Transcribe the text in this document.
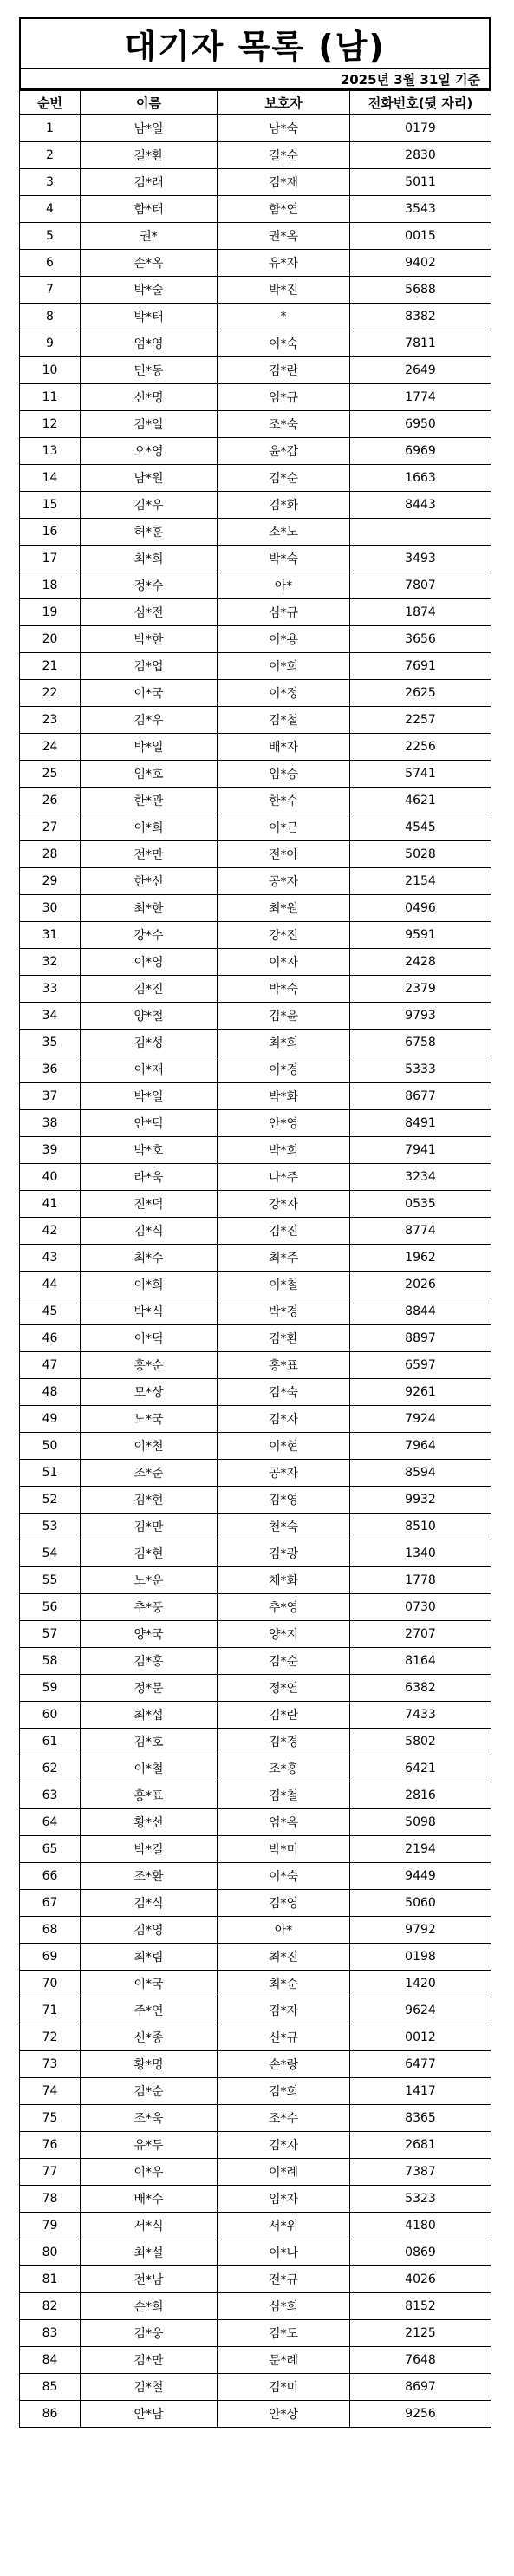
대기자 목록 (남)
2025년 3월 31일 기준
순번	이름	보호자	전화번호(뒷 자리)
1	남*일	남*숙	0179
2	길*환	길*순	2830
3	김*래	김*재	5011
4	함*태	함*연	3543
5	권*	권*옥	0015
6	손*옥	유*자	9402
7	박*술	박*진	5688
8	박*태	*	8382
9	엄*영	이*숙	7811
10	민*동	김*란	2649
11	신*명	임*규	1774
12	김*일	조*숙	6950
13	오*영	윤*갑	6969
14	남*원	김*순	1663
15	김*우	김*화	8443
16	허*훈	소*노	
17	최*희	박*숙	3493
18	정*수	아*	7807
19	심*전	심*규	1874
20	박*한	이*용	3656
21	김*업	이*희	7691
22	이*국	이*정	2625
23	김*우	김*철	2257
24	박*일	배*자	2256
25	임*호	임*승	5741
26	한*관	한*수	4621
27	이*희	이*근	4545
28	전*만	전*아	5028
29	한*선	공*자	2154
30	최*한	최*원	0496
31	강*수	강*진	9591
32	이*영	이*자	2428
33	김*진	박*숙	2379
34	양*철	김*윤	9793
35	김*성	최*희	6758
36	이*재	이*경	5333
37	박*일	박*화	8677
38	안*덕	안*영	8491
39	박*호	박*희	7941
40	라*욱	나*주	3234
41	진*덕	강*자	0535
42	김*식	김*진	8774
43	최*수	최*주	1962
44	이*희	이*철	2026
45	박*식	박*경	8844
46	이*덕	김*환	8897
47	홍*순	홍*표	6597
48	모*상	김*숙	9261
49	노*국	김*자	7924
50	이*천	이*현	7964
51	조*준	공*자	8594
52	김*현	김*영	9932
53	김*만	천*숙	8510
54	김*현	김*광	1340
55	노*운	채*화	1778
56	추*풍	추*영	0730
57	양*국	양*지	2707
58	김*홍	김*순	8164
59	정*문	정*연	6382
60	최*섭	김*란	7433
61	김*호	김*경	5802
62	이*철	조*홍	6421
63	홍*표	김*철	2816
64	황*선	엄*옥	5098
65	박*길	박*미	2194
66	조*환	이*숙	9449
67	김*식	김*영	5060
68	김*영	아*	9792
69	최*림	최*진	0198
70	이*국	최*순	1420
71	주*연	김*자	9624
72	신*종	신*규	0012
73	황*명	손*랑	6477
74	김*순	김*희	1417
75	조*욱	조*수	8365
76	유*두	김*자	2681
77	이*우	이*례	7387
78	배*수	임*자	5323
79	서*식	서*위	4180
80	최*설	이*나	0869
81	전*남	전*규	4026
82	손*희	심*희	8152
83	김*웅	김*도	2125
84	김*만	문*례	7648
85	김*철	김*미	8697
86	안*남	안*상	9256
